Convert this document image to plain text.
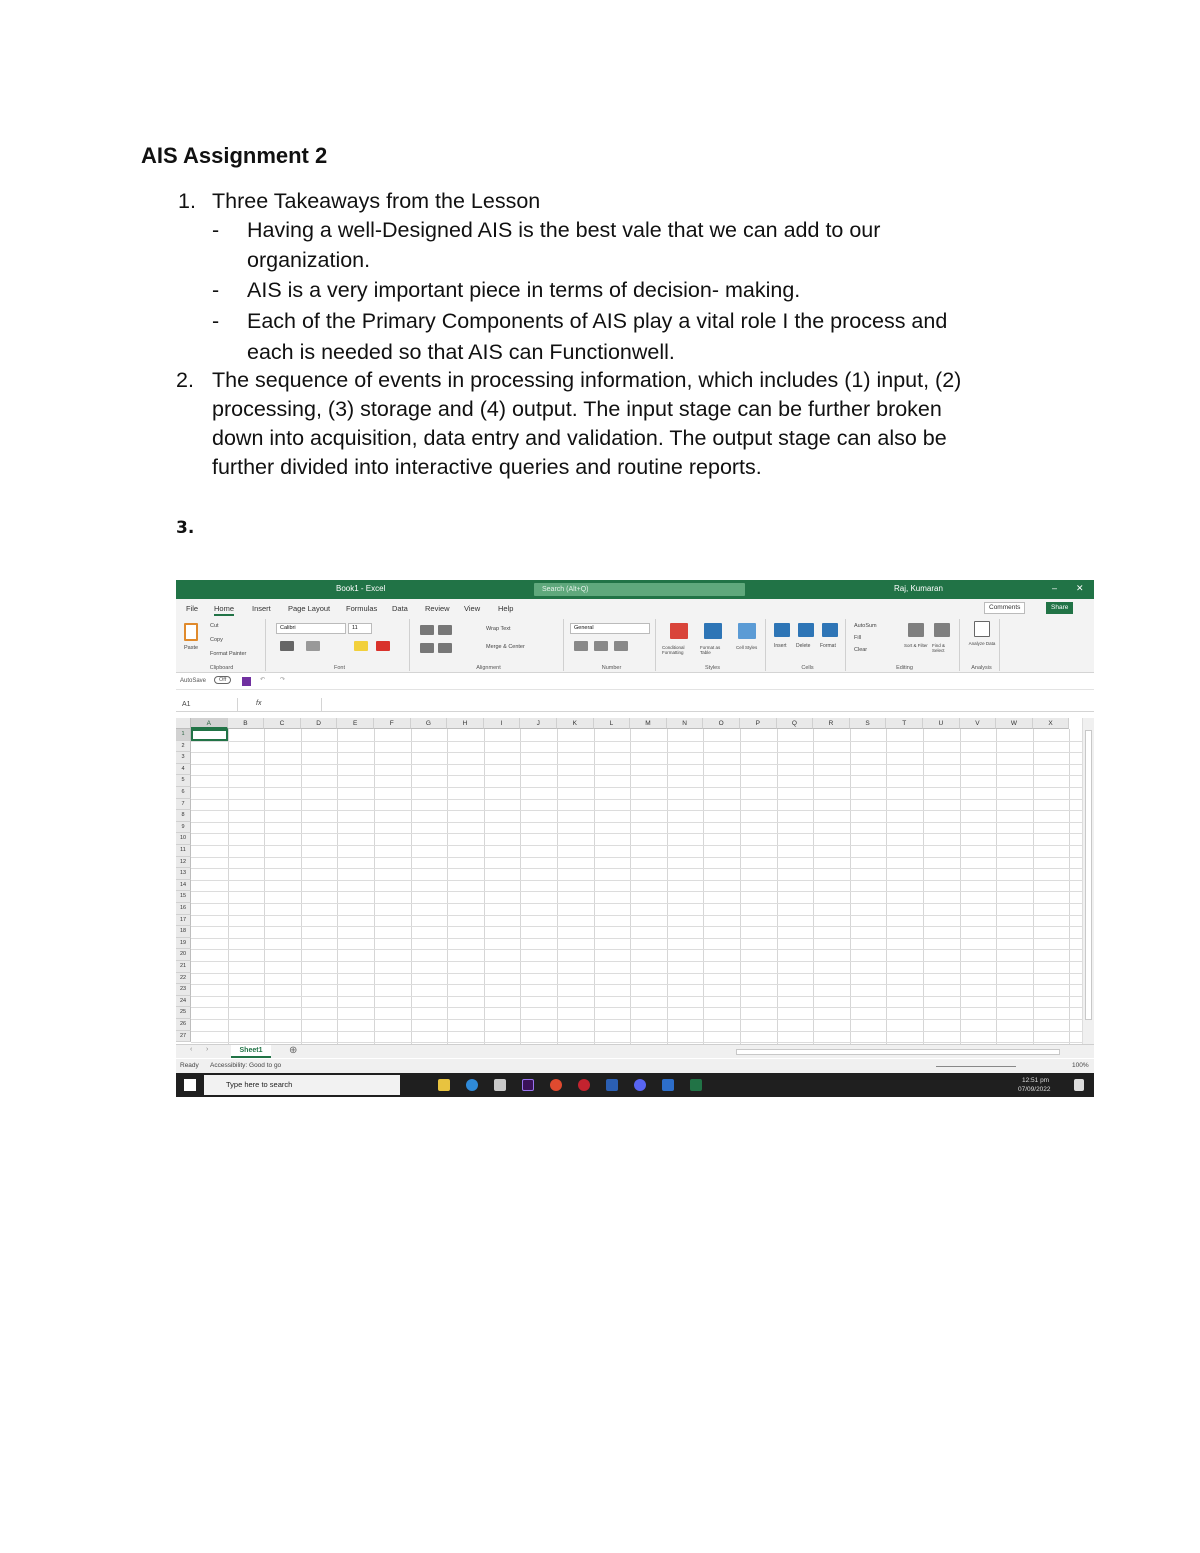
AIS Assignment 2
1. Three Takeaways from the Lesson
- Having a well-Designed AIS is the best vale that we can add to our
organization.
- AIS is a very important piece in terms of decision- making.
- Each of the Primary Components of AIS play a vital role I the process and
each is needed so that AIS can Functionwell.
2. The sequence of events in processing information, which includes (1) input, (2)
processing, (3) storage and (4) output. The input stage can be further broken
down into acquisition, data entry and validation. The output stage can also be
further divided into interactive queries and routine reports.
3.
Book1 - Excel	Search (Alt+Q)	Raj, Kumaran	– ✕
File Home Insert Page Layout Formulas Data Review View Help	Comments	Share
Paste
Cut
Copy
Format Painter
Clipboard
Calibri	11
Font
Wrap Text
Merge & Center
Alignment
General
Number
Conditional Formatting
Format as Table
Cell Styles
Styles
Insert Delete Format
Cells
AutoSum
Fill
Clear
Sort & Filter Find & Select
Editing
Analyze Data
Analysis
AutoSave	Off	↶ ↷
A1	fx
A	B	C	D	E	F	G	H	I	J	K	L	M	N	O	P	Q	R	S	T	U	V	W	X
1
2
3
4
5
6
7
8
9
10
11
12
13
14
15
16
17
18
19
20
21
22
23
24
25
26
27
‹ ›	Sheet1	⊕
Ready Accessibility: Good to go	100%
Type here to search	12:51 pm
07/09/2022
